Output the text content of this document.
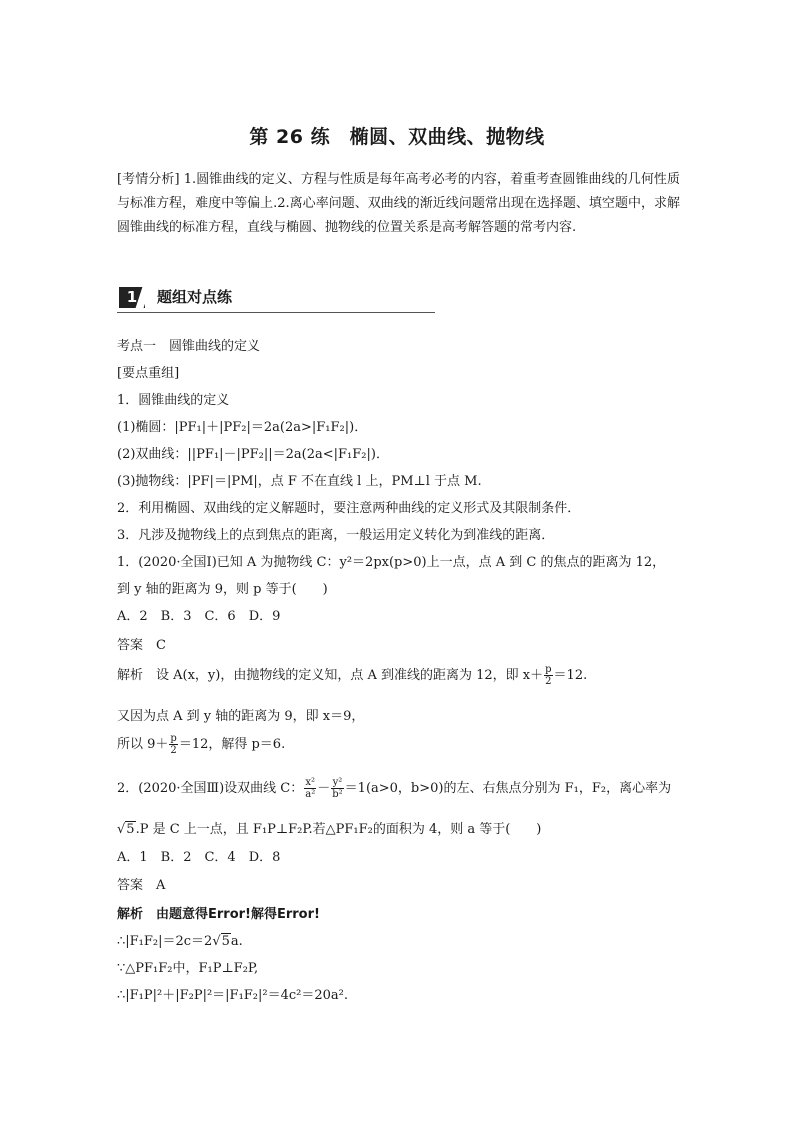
第 26 练　椭圆、双曲线、抛物线
[考情分析] 1.圆锥曲线的定义、方程与性质是每年高考必考的内容，着重考查圆锥曲线的几何性质与标准方程，难度中等偏上.2.离心率问题、双曲线的渐近线问题常出现在选择题、填空题中，求解圆锥曲线的标准方程，直线与椭圆、抛物线的位置关系是高考解答题的常考内容.
1	题组对点练
考点一　圆锥曲线的定义
[要点重组]
1．圆锥曲线的定义
(1)椭圆：|PF₁|＋|PF₂|＝2a(2a>|F₁F₂|)．
(2)双曲线：||PF₁|－|PF₂||＝2a(2a<|F₁F₂|)．
(3)抛物线：|PF|＝|PM|，点 F 不在直线 l 上，PM⊥l 于点 M.
2．利用椭圆、双曲线的定义解题时，要注意两种曲线的定义形式及其限制条件．
3．凡涉及抛物线上的点到焦点的距离，一般运用定义转化为到准线的距离．
1．(2020·全国Ⅰ)已知 A 为抛物线 C：y²＝2px(p>0)上一点，点 A 到 C 的焦点的距离为 12，
到 y 轴的距离为 9，则 p 等于(　　)
A．2　B．3　C．6　D．9
答案　C
解析　设 A(x，y)，由抛物线的定义知，点 A 到准线的距离为 12，即 $x+ \frac{p}{2} =12$.
又因为点 A 到 y 轴的距离为 9，即 x＝9，
所以 $9+ \frac{p}{2} =12$，解得 p＝6.
2．(2020·全国Ⅲ)设双曲线 C： $\frac{\text{x²}}{\text{a²}} - \frac{\text{y²}}{\text{b²}} =1(a>0$，b>0)的左、右焦点分别为 F₁，F₂，离心率为
√5.P 是 C 上一点，且 F₁P⊥F₂P.若△PF₁F₂的面积为 4，则 a 等于(　　)
A．1　B．2　C．4　D．8
答案　A
解析　由题意得Error!解得Error!
∴|F₁F₂|＝2c＝2√5a.
∵△PF₁F₂中，F₁P⊥F₂P,
∴|F₁P|²＋|F₂P|²＝|F₁F₂|²＝4c²＝20a².
